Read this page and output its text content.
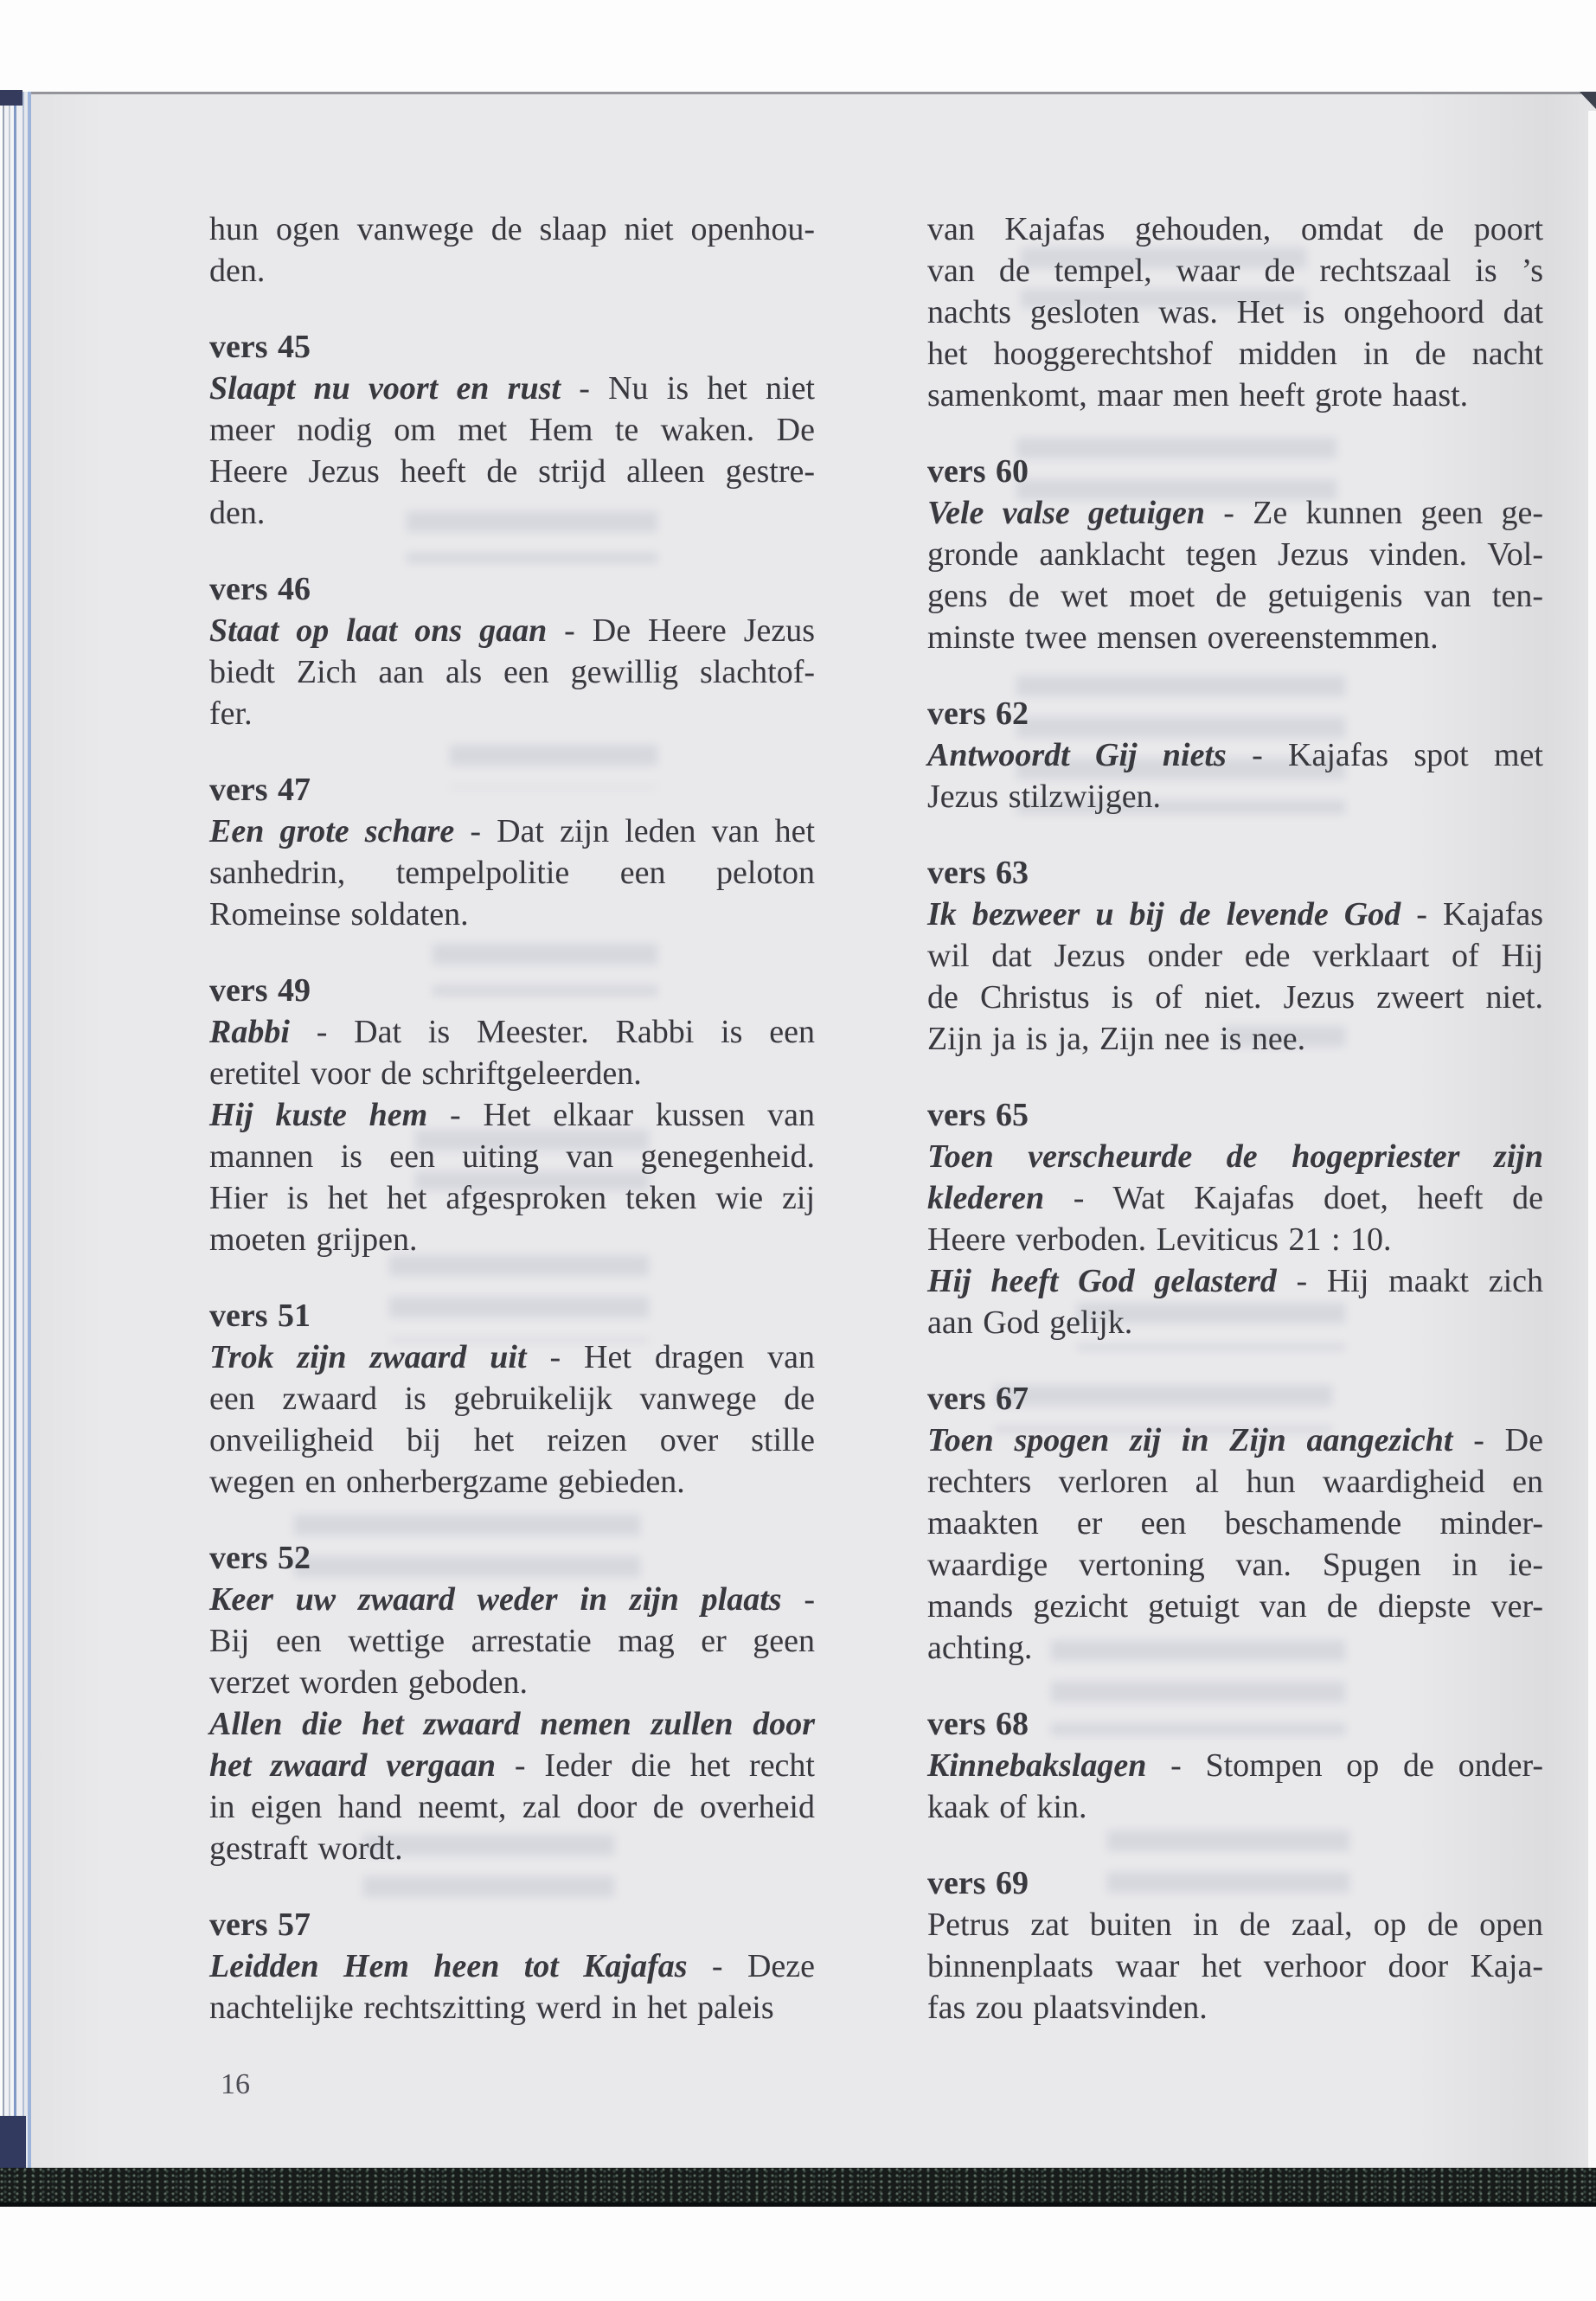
hun ogen vanwege de slaap niet openhou-
den.
vers 45
Slaapt nu voort en rust - Nu is het niet
meer nodig om met Hem te waken. De
Heere Jezus heeft de strijd alleen gestre-
den.
vers 46
Staat op laat ons gaan - De Heere Jezus
biedt Zich aan als een gewillig slachtof-
fer.
vers 47
Een grote schare - Dat zijn leden van het
sanhedrin, tempelpolitie een peloton
Romeinse soldaten.
vers 49
Rabbi - Dat is Meester. Rabbi is een
eretitel voor de schriftgeleerden.
Hij kuste hem - Het elkaar kussen van
mannen is een uiting van genegenheid.
Hier is het het afgesproken teken wie zij
moeten grijpen.
vers 51
Trok zijn zwaard uit - Het dragen van
een zwaard is gebruikelijk vanwege de
onveiligheid bij het reizen over stille
wegen en onherbergzame gebieden.
vers 52
Keer uw zwaard weder in zijn plaats -
Bij een wettige arrestatie mag er geen
verzet worden geboden.
Allen die het zwaard nemen zullen door
het zwaard vergaan - Ieder die het recht
in eigen hand neemt, zal door de overheid
gestraft wordt.
vers 57
Leidden Hem heen tot Kajafas - Deze
nachtelijke rechtszitting werd in het paleis
van Kajafas gehouden, omdat de poort
van de tempel, waar de rechtszaal is ’s
nachts gesloten was. Het is ongehoord dat
het hooggerechtshof midden in de nacht
samenkomt, maar men heeft grote haast.
vers 60
Vele valse getuigen - Ze kunnen geen ge-
gronde aanklacht tegen Jezus vinden. Vol-
gens de wet moet de getuigenis van ten-
minste twee mensen overeenstemmen.
vers 62
Antwoordt Gij niets - Kajafas spot met
Jezus stilzwijgen.
vers 63
Ik bezweer u bij de levende God - Kajafas
wil dat Jezus onder ede verklaart of Hij
de Christus is of niet. Jezus zweert niet.
Zijn ja is ja, Zijn nee is nee.
vers 65
Toen verscheurde de hogepriester zijn
klederen - Wat Kajafas doet, heeft de
Heere verboden. Leviticus 21 : 10.
Hij heeft God gelasterd - Hij maakt zich
aan God gelijk.
vers 67
Toen spogen zij in Zijn aangezicht - De
rechters verloren al hun waardigheid en
maakten er een beschamende minder-
waardige vertoning van. Spugen in ie-
mands gezicht getuigt van de diepste ver-
achting.
vers 68
Kinnebakslagen - Stompen op de onder-
kaak of kin.
vers 69
Petrus zat buiten in de zaal, op de open
binnenplaats waar het verhoor door Kaja-
fas zou plaatsvinden.
16
